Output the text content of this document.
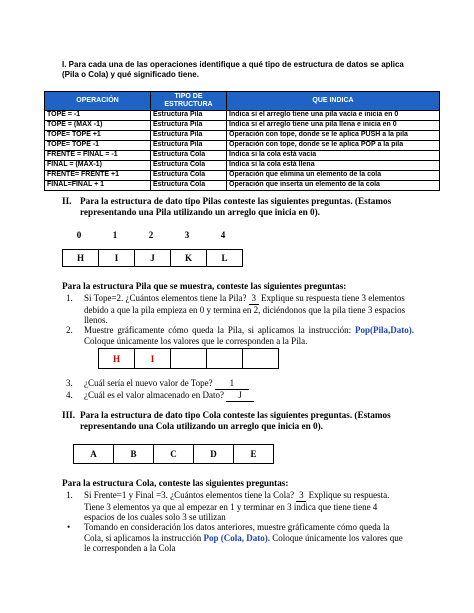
I. Para cada una de las operaciones identifique a qué tipo de estructura de datos se aplica (Pila o Cola) y qué significado tiene.
OPERACIÓN	TIPO DE ESTRUCTURA	QUE INDICA
TOPE = -1	Estructura Pila	Indica si el arreglo tiene una pila vacía e inicia en 0
TOPE = (MAX -1)	Estructura Pila	Indica si el arreglo tiene una pila llena e inicia en 0
TOPE= TOPE +1	Estructura Pila	Operación con tope, donde se le aplica PUSH a la pila
TOPE= TOPE -1	Estructura Pila	Operación con tope, donde se le aplica POP a la pila
FRENTE = FINAL = -1	Estructura Cola	Indica si la cola está vacía
FINAL = (MAX-1)	Estructura Cola	Indica si la cola está llena
FRENTE= FRENTE +1	Estructura Cola	Operación que elimina un elemento de la cola
FINAL=FINAL + 1	Estructura Cola	Operación que inserta un elemento de la cola
II. Para la estructura de dato tipo Pilas conteste las siguientes preguntas. (Estamos representando una Pila utilizando un arreglo que inicia en 0).
0	1	2	3	4
H	I	J	K	L
Para la estructura Pila que se muestra, conteste las siguientes preguntas:
1. Si Tope=2. ¿Cuántos elementos tiene la Pila? 3 Explique su respuesta tiene 3 elementos debido a que la pila empieza en 0 y termina en 2, diciéndonos que la pila tiene 3 espacios llenos.
2. Muestre gráficamente cómo queda la Pila, si aplicamos la instrucción: Pop(Pila,Dato). Coloque únicamente los valores que le corresponden a la Pila.
H	I
3. ¿Cuál sería el nuevo valor de Tope? 1
4. ¿Cuál es el valor almacenado en Dato? J
III. Para la estructura de dato tipo Cola conteste las siguientes preguntas. (Estamos representando una Cola utilizando un arreglo que inicia en 0).
A	B	C	D	E
Para la estructura Cola, conteste las siguientes preguntas:
1. Si Frente=1 y Final =3. ¿Cuántos elementos tiene la Cola? 3 Explique su respuesta. Tiene 3 elementos ya que al empezar en 1 y terminar en 3 indica que tiene tiene 4 espacios de los cuales solo 3 se utilizan
• Tomando en consideración los datos anteriores, muestre gráficamente cómo queda la Cola, si aplicamos la instrucción Pop (Cola, Dato). Coloque únicamente los valores que le corresponden a la Cola
